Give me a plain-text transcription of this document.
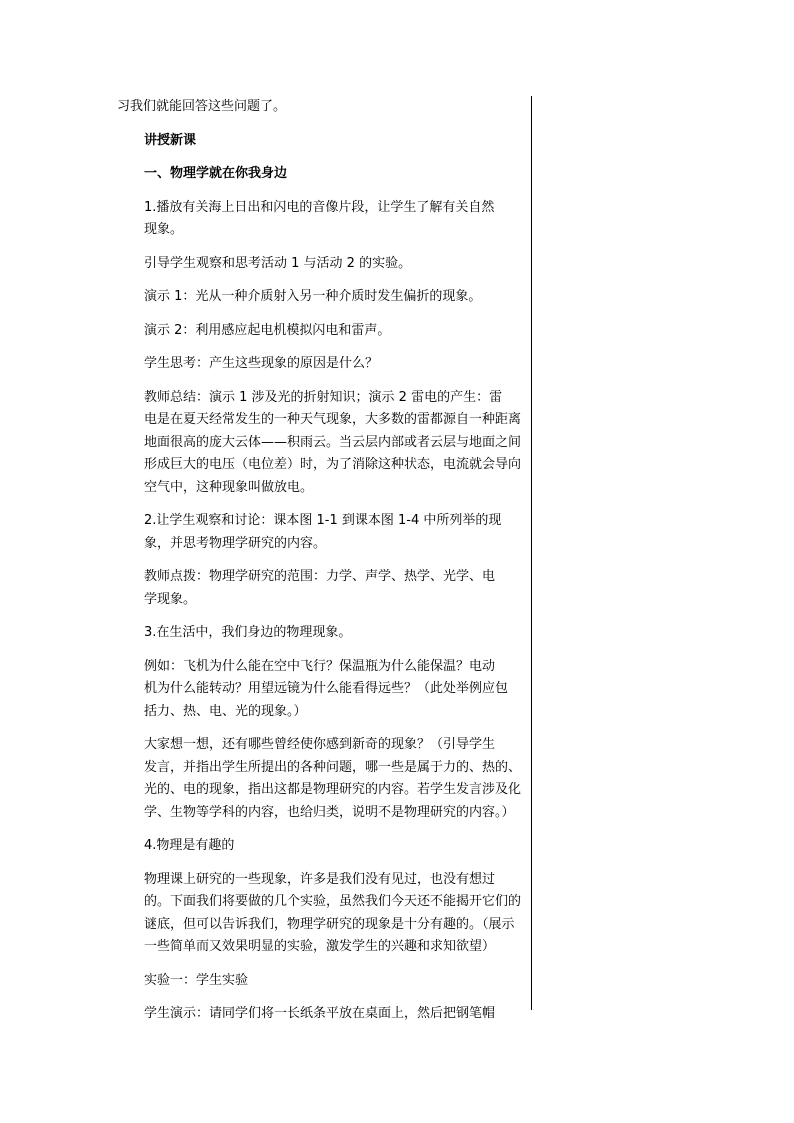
习我们就能回答这些问题了。

讲授新课

一、物理学就在你我身边

1.播放有关海上日出和闪电的音像片段，让学生了解有关自然
现象。

引导学生观察和思考活动 1 与活动 2 的实验。

演示 1：光从一种介质射入另一种介质时发生偏折的现象。

演示 2：利用感应起电机模拟闪电和雷声。

学生思考：产生这些现象的原因是什么？

教师总结：演示 1 涉及光的折射知识；演示 2 雷电的产生：雷
电是在夏天经常发生的一种天气现象，大多数的雷都源自一种距离
地面很高的庞大云体——积雨云。当云层内部或者云层与地面之间
形成巨大的电压（电位差）时，为了消除这种状态，电流就会导向
空气中，这种现象叫做放电。

2.让学生观察和讨论：课本图 1-1 到课本图 1-4 中所列举的现
象，并思考物理学研究的内容。

教师点拨：物理学研究的范围：力学、声学、热学、光学、电
学现象。

3.在生活中，我们身边的物理现象。

例如：飞机为什么能在空中飞行？保温瓶为什么能保温？电动
机为什么能转动？用望远镜为什么能看得远些？（此处举例应包
括力、热、电、光的现象。）

大家想一想，还有哪些曾经使你感到新奇的现象？（引导学生
发言，并指出学生所提出的各种问题，哪一些是属于力的、热的、
光的、电的现象，指出这都是物理研究的内容。若学生发言涉及化
学、生物等学科的内容，也给归类，说明不是物理研究的内容。）

4.物理是有趣的

物理课上研究的一些现象，许多是我们没有见过，也没有想过
的。下面我们将要做的几个实验，虽然我们今天还不能揭开它们的
谜底，但可以告诉我们，物理学研究的现象是十分有趣的。（展示
一些简单而又效果明显的实验，激发学生的兴趣和求知欲望）

实验一：学生实验

学生演示：请同学们将一长纸条平放在桌面上，然后把钢笔帽
